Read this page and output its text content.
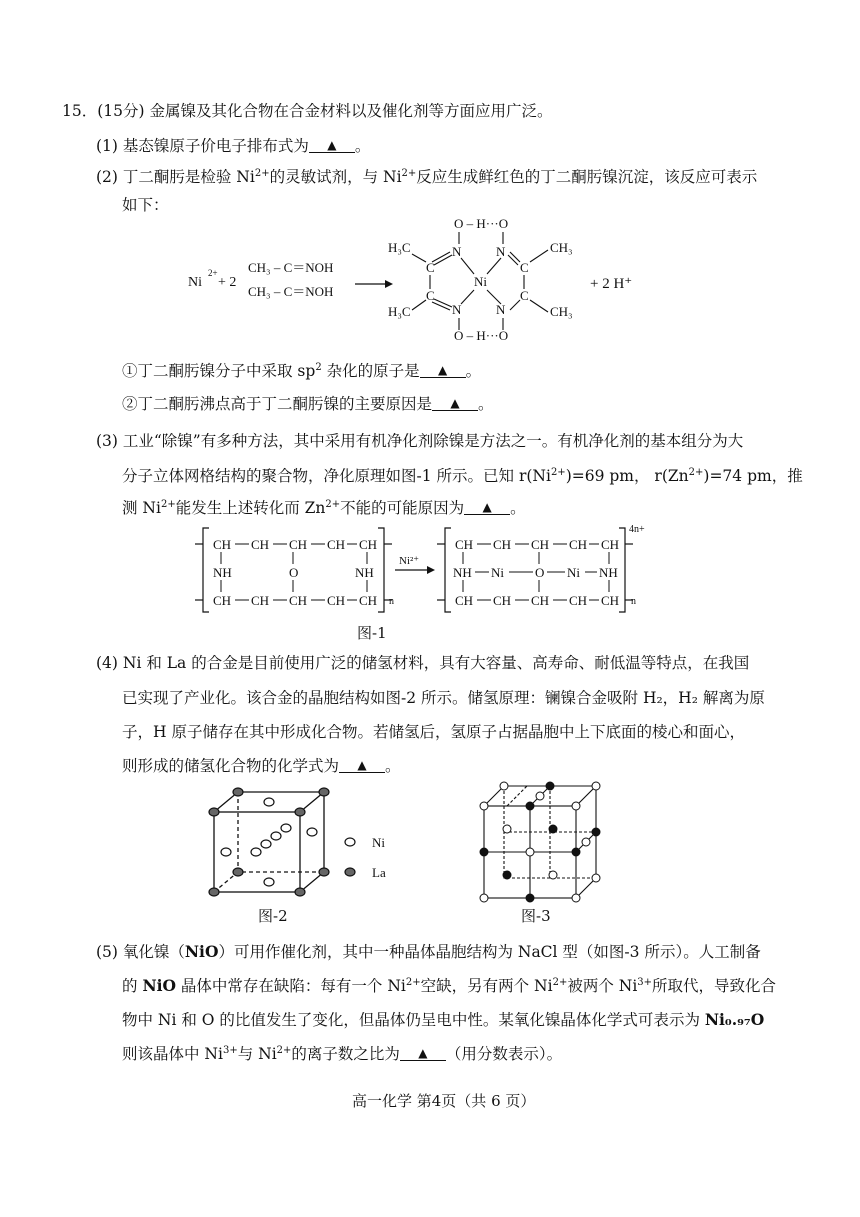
15．(15分) 金属镍及其化合物在合金材料以及催化剂等方面应用广泛。
(1) 基态镍原子价电子排布式为 ▲ 。
(2) 丁二酮肟是检验 $Ni^{2+}$的灵敏试剂，与 $Ni^{2+}$反应生成鲜红色的丁二酮肟镍沉淀，该反应可表示
如下：
Ni
2+
+ 2
CH₃ – C＝NOH
CH₃ – C＝NOH
O – H···O
O – H···O
H₃C
H₃C
CH₃
CH₃
N	N
N	N
Ni
C
C
C
C
+ 2 H⁺
①丁二酮肟镍分子中采取 $sp^2$ 杂化的原子是 ▲ 。
②丁二酮肟沸点高于丁二酮肟镍的主要原因是 ▲ 。
(3) 工业“除镍”有多种方法，其中采用有机净化剂除镍是方法之一。有机净化剂的基本组分为大
分子立体网格结构的聚合物，净化原理如图-1 所示。已知 $r(Ni^{2+})=69$ pm， $r(Zn^{2+})=74$ pm，推
测 $Ni^{2+}$能发生上述转化而 $Zn^{2+}$不能的可能原因为 ▲ 。
CH CH CH CH CH
CH CH CH CH CH
NH	O	NH
n
Ni²⁺
CH CH CH CH CH
CH CH CH CH CH
NH Ni O Ni NH
n
4n+
图-1
(4) Ni 和 La 的合金是目前使用广泛的储氢材料，具有大容量、高寿命、耐低温等特点，在我国
已实现了产业化。该合金的晶胞结构如图-2 所示。储氢原理：镧镍合金吸附 H₂，H₂ 解离为原
子，H 原子储存在其中形成化合物。若储氢后，氢原子占据晶胞中上下底面的棱心和面心，
则形成的储氢化合物的化学式为 ▲ 。
Ni
La
图-2	图-3
(5) 氧化镍（NiO）可用作催化剂，其中一种晶体晶胞结构为 NaCl 型（如图-3 所示）。人工制备
的 NiO 晶体中常存在缺陷：每有一个 $Ni^{2+}$空缺，另有两个 $Ni^{2+}$被两个 $Ni^{3+}$所取代，导致化合
物中 Ni 和 O 的比值发生了变化，但晶体仍呈电中性。某氧化镍晶体化学式可表示为 Ni₀.₉₇O
则该晶体中 $Ni^{3+}$与 $Ni^{2+}$的离子数之比为 ▲ （用分数表示）。
高一化学 第4页（共 6 页）
